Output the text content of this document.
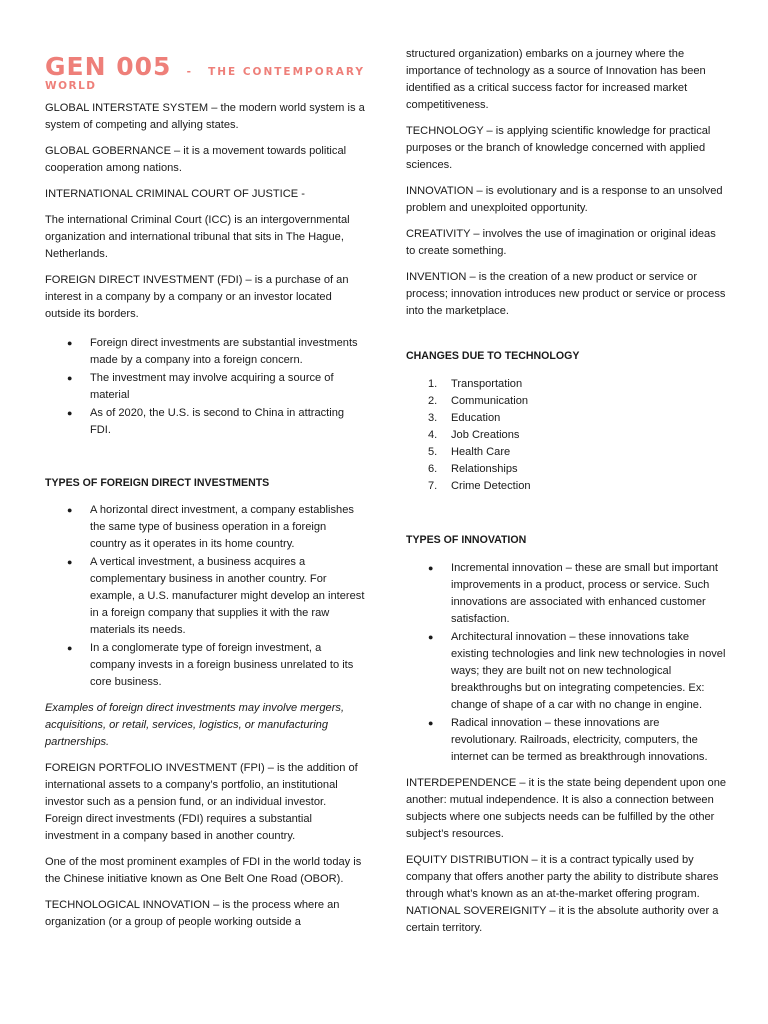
GEN 005 - THE CONTEMPORARY
WORLD

GLOBAL INTERSTATE SYSTEM – the modern world system is a system of competing and allying states.

GLOBAL GOBERNANCE – it is a movement towards political cooperation among nations.

INTERNATIONAL CRIMINAL COURT OF JUSTICE -

The international Criminal Court (ICC) is an intergovernmental organization and international tribunal that sits in The Hague, Netherlands.

FOREIGN DIRECT INVESTMENT (FDI) – is a purchase of an interest in a company by a company or an investor located outside its borders.

● Foreign direct investments are substantial investments made by a company into a foreign concern.
● The investment may involve acquiring a source of material
● As of 2020, the U.S. is second to China in attracting FDI.

TYPES OF FOREIGN DIRECT INVESTMENTS

● A horizontal direct investment, a company establishes the same type of business operation in a foreign country as it operates in its home country.
● A vertical investment, a business acquires a complementary business in another country. For example, a U.S. manufacturer might develop an interest in a foreign company that supplies it with the raw materials its needs.
● In a conglomerate type of foreign investment, a company invests in a foreign business unrelated to its core business.

Examples of foreign direct investments may involve mergers, acquisitions, or retail, services, logistics, or manufacturing partnerships.

FOREIGN PORTFOLIO INVESTMENT (FPI) – is the addition of international assets to a company’s portfolio, an institutional investor such as a pension fund, or an individual investor. Foreign direct investments (FDI) requires a substantial investment in a company based in another country.

One of the most prominent examples of FDI in the world today is the Chinese initiative known as One Belt One Road (OBOR).

TECHNOLOGICAL INNOVATION – is the process where an organization (or a group of people working outside a

structured organization) embarks on a journey where the importance of technology as a source of Innovation has been identified as a critical success factor for increased market competitiveness.

TECHNOLOGY – is applying scientific knowledge for practical purposes or the branch of knowledge concerned with applied sciences.

INNOVATION – is evolutionary and is a response to an unsolved problem and unexploited opportunity.

CREATIVITY – involves the use of imagination or original ideas to create something.

INVENTION – is the creation of a new product or service or process; innovation introduces new product or service or process into the marketplace.

CHANGES DUE TO TECHNOLOGY

1. Transportation
2. Communication
3. Education
4. Job Creations
5. Health Care
6. Relationships
7. Crime Detection

TYPES OF INNOVATION

● Incremental innovation – these are small but important improvements in a product, process or service. Such innovations are associated with enhanced customer satisfaction.
● Architectural innovation – these innovations take existing technologies and link new technologies in novel ways; they are built not on new technological breakthroughs but on integrating competencies. Ex: change of shape of a car with no change in engine.
● Radical innovation – these innovations are revolutionary. Railroads, electricity, computers, the internet can be termed as breakthrough innovations.

INTERDEPENDENCE – it is the state being dependent upon one another: mutual independence. It is also a connection between subjects where one subjects needs can be fulfilled by the other subject’s resources.

EQUITY DISTRIBUTION – it is a contract typically used by company that offers another party the ability to distribute shares through what’s known as an at-the-market offering program.

NATIONAL SOVEREIGNITY – it is the absolute authority over a certain territory.
